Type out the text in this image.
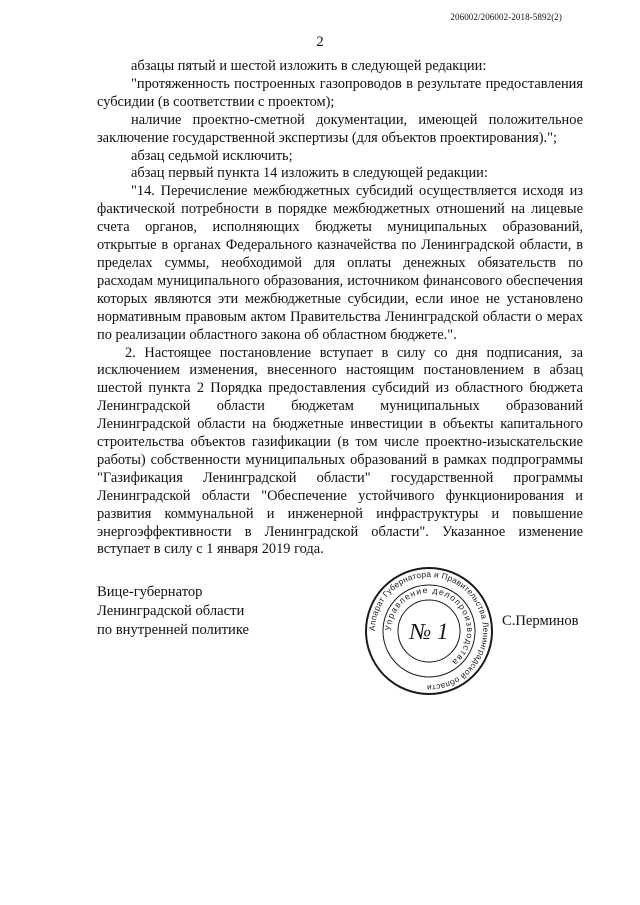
206002/206002-2018-5892(2)
2

абзацы пятый и шестой изложить в следующей редакции:

"протяженность построенных газопроводов в результате предоставления субсидии (в соответствии с проектом);

наличие проектно-сметной документации, имеющей положительное заключение государственной экспертизы (для объектов проектирования).";

абзац седьмой исключить;

абзац первый пункта 14 изложить в следующей редакции:

"14. Перечисление межбюджетных субсидий осуществляется исходя из фактической потребности в порядке межбюджетных отношений на лицевые счета органов, исполняющих бюджеты муниципальных образований, открытые в органах Федерального казначейства по Ленинградской области, в пределах суммы, необходимой для оплаты денежных обязательств по расходам муниципального образования, источником финансового обеспечения которых являются эти межбюджетные субсидии, если иное не установлено нормативным правовым актом Правительства Ленинградской области о мерах по реализации областного закона об областном бюджете.".

2. Настоящее постановление вступает в силу со дня подписания, за исключением изменения, внесенного настоящим постановлением в абзац шестой пункта 2 Порядка предоставления субсидий из областного бюджета Ленинградской области бюджетам муниципальных образований Ленинградской области на бюджетные инвестиции в объекты капитального строительства объектов газификации (в том числе проектно-изыскательские работы) собственности муниципальных образований в рамках подпрограммы "Газификация Ленинградской области" государственной программы Ленинградской области "Обеспечение устойчивого функционирования и развития коммунальной и инженерной инфраструктуры и повышение энергоэффективности в Ленинградской области". Указанное изменение вступает в силу с 1 января 2019 года.

Вице-губернатор
Ленинградской области
по внутренней политике	Аппарат Губернатора и Правительства Ленинградской области
Управление делопроизводства
№ 1	С.Перминов
